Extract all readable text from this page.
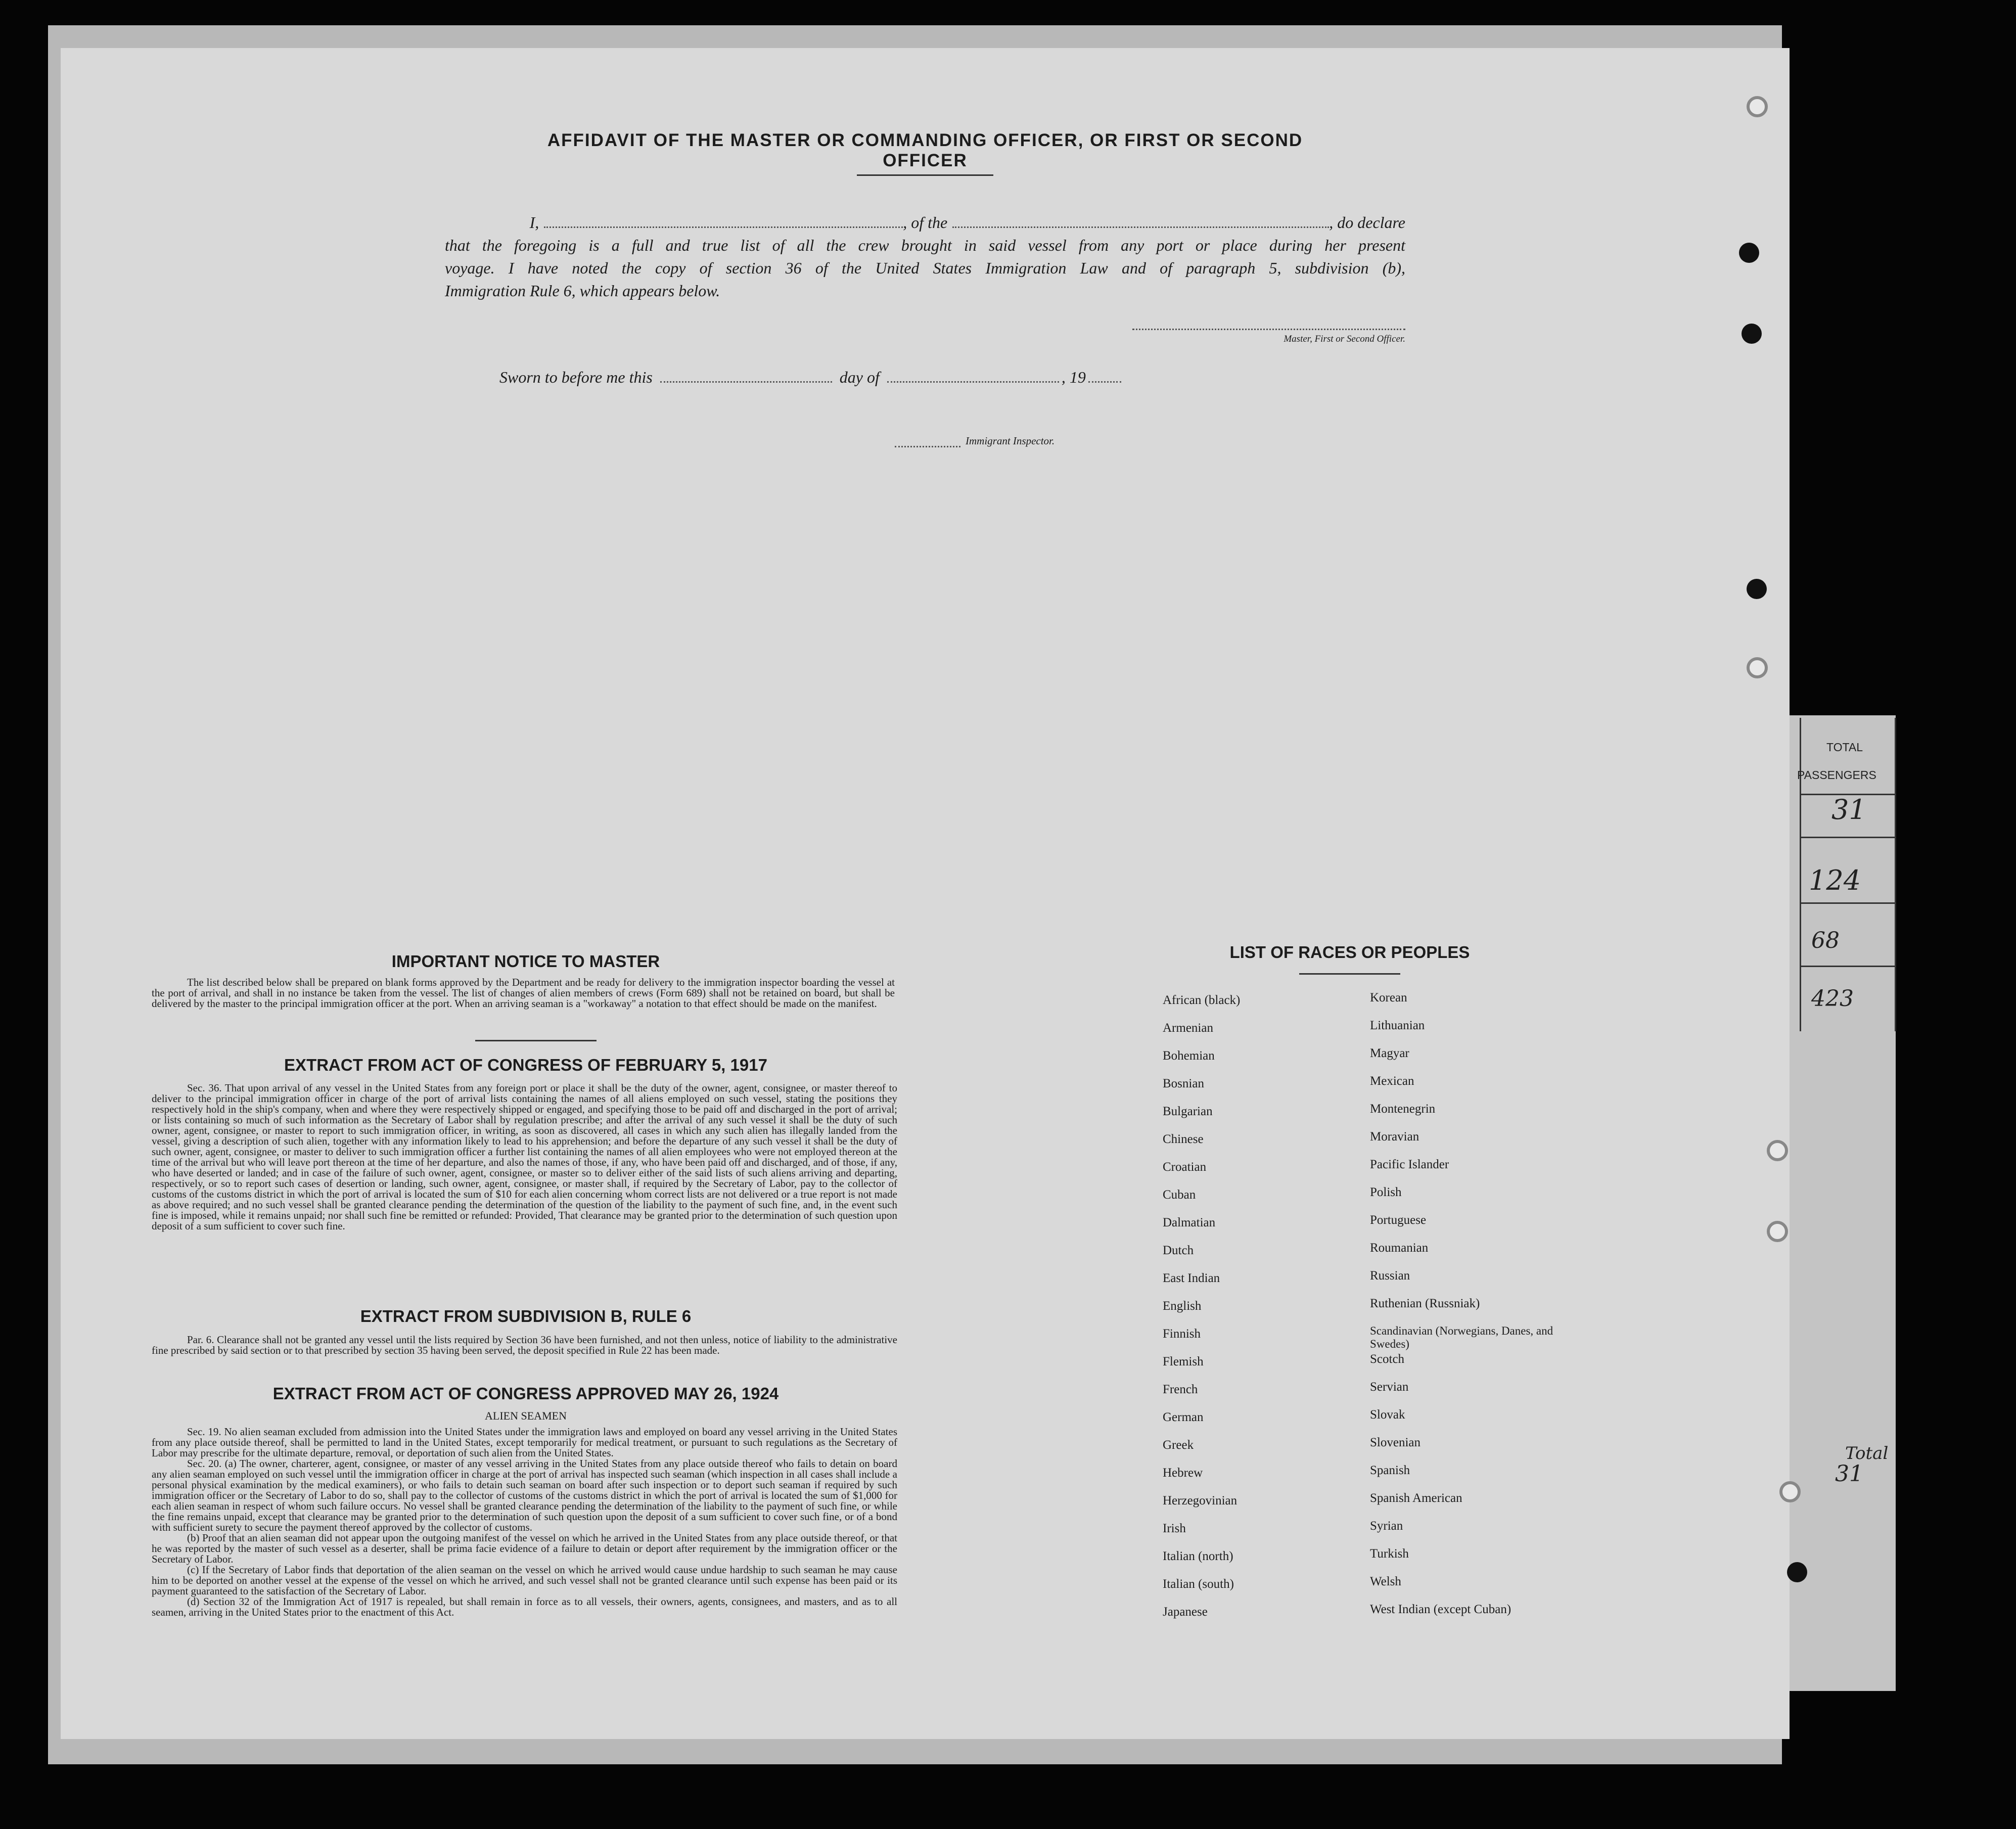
TOTAL
PASSENGERS
31
124
68
423
Total
31
AFFIDAVIT OF THE MASTER OR COMMANDING OFFICER, OR FIRST OR SECOND OFFICER
I,	, of the	, do declare
that the foregoing is a full and true list of all the crew brought in said vessel from any port or place during her present
voyage. I have noted the copy of section 36 of the United States Immigration Law and of paragraph 5, subdivision (b),
Immigration Rule 6, which appears below.
Master, First or Second Officer.
Sworn to before me this	day of	, 19
Immigrant Inspector.
IMPORTANT NOTICE TO MASTER
The list described below shall be prepared on blank forms approved by the Department and be ready for delivery to the immigration inspector boarding the vessel at the port of arrival, and shall in no instance be taken from the vessel. The list of changes of alien members of crews (Form 689) shall not be retained on board, but shall be delivered by the master to the principal immigration officer at the port. When an arriving seaman is a "workaway" a notation to that effect should be made on the manifest.
EXTRACT FROM ACT OF CONGRESS OF FEBRUARY 5, 1917
Sec. 36. That upon arrival of any vessel in the United States from any foreign port or place it shall be the duty of the owner, agent, consignee, or master thereof to deliver to the principal immigration officer in charge of the port of arrival lists containing the names of all aliens employed on such vessel, stating the positions they respectively hold in the ship's company, when and where they were respectively shipped or engaged, and specifying those to be paid off and discharged in the port of arrival; or lists containing so much of such information as the Secretary of Labor shall by regulation prescribe; and after the arrival of any such vessel it shall be the duty of such owner, agent, consignee, or master to report to such immigration officer, in writing, as soon as discovered, all cases in which any such alien has illegally landed from the vessel, giving a description of such alien, together with any information likely to lead to his apprehension; and before the departure of any such vessel it shall be the duty of such owner, agent, consignee, or master to deliver to such immigration officer a further list containing the names of all alien employees who were not employed thereon at the time of the arrival but who will leave port thereon at the time of her departure, and also the names of those, if any, who have been paid off and discharged, and of those, if any, who have deserted or landed; and in case of the failure of such owner, agent, consignee, or master so to deliver either of the said lists of such aliens arriving and departing, respectively, or so to report such cases of desertion or landing, such owner, agent, consignee, or master shall, if required by the Secretary of Labor, pay to the collector of customs of the customs district in which the port of arrival is located the sum of $10 for each alien concerning whom correct lists are not delivered or a true report is not made as above required; and no such vessel shall be granted clearance pending the determination of the question of the liability to the payment of such fine, and, in the event such fine is imposed, while it remains unpaid; nor shall such fine be remitted or refunded: Provided, That clearance may be granted prior to the determination of such question upon deposit of a sum sufficient to cover such fine.
EXTRACT FROM SUBDIVISION B, RULE 6
Par. 6. Clearance shall not be granted any vessel until the lists required by Section 36 have been furnished, and not then unless, notice of liability to the administrative fine prescribed by said section or to that prescribed by section 35 having been served, the deposit specified in Rule 22 has been made.
EXTRACT FROM ACT OF CONGRESS APPROVED MAY 26, 1924
ALIEN SEAMEN
Sec. 19. No alien seaman excluded from admission into the United States under the immigration laws and employed on board any vessel arriving in the United States from any place outside thereof, shall be permitted to land in the United States, except temporarily for medical treatment, or pursuant to such regulations as the Secretary of Labor may prescribe for the ultimate departure, removal, or deportation of such alien from the United States.
Sec. 20. (a) The owner, charterer, agent, consignee, or master of any vessel arriving in the United States from any place outside thereof who fails to detain on board any alien seaman employed on such vessel until the immigration officer in charge at the port of arrival has inspected such seaman (which inspection in all cases shall include a personal physical examination by the medical examiners), or who fails to detain such seaman on board after such inspection or to deport such seaman if required by such immigration officer or the Secretary of Labor to do so, shall pay to the collector of customs of the customs district in which the port of arrival is located the sum of $1,000 for each alien seaman in respect of whom such failure occurs. No vessel shall be granted clearance pending the determination of the liability to the payment of such fine, or while the fine remains unpaid, except that clearance may be granted prior to the determination of such question upon the deposit of a sum sufficient to cover such fine, or of a bond with sufficient surety to secure the payment thereof approved by the collector of customs.
(b) Proof that an alien seaman did not appear upon the outgoing manifest of the vessel on which he arrived in the United States from any place outside thereof, or that he was reported by the master of such vessel as a deserter, shall be prima facie evidence of a failure to detain or deport after requirement by the immigration officer or the Secretary of Labor.
(c) If the Secretary of Labor finds that deportation of the alien seaman on the vessel on which he arrived would cause undue hardship to such seaman he may cause him to be deported on another vessel at the expense of the vessel on which he arrived, and such vessel shall not be granted clearance until such expense has been paid or its payment guaranteed to the satisfaction of the Secretary of Labor.
(d) Section 32 of the Immigration Act of 1917 is repealed, but shall remain in force as to all vessels, their owners, agents, consignees, and masters, and as to all seamen, arriving in the United States prior to the enactment of this Act.
LIST OF RACES OR PEOPLES
African (black)
Armenian
Bohemian
Bosnian
Bulgarian
Chinese
Croatian
Cuban
Dalmatian
Dutch
East Indian
English
Finnish
Flemish
French
German
Greek
Hebrew
Herzegovinian
Irish
Italian (north)
Italian (south)
Japanese
Korean
Lithuanian
Magyar
Mexican
Montenegrin
Moravian
Pacific Islander
Polish
Portuguese
Roumanian
Russian
Ruthenian (Russniak)
Scandinavian (Norwegians, Danes, and Swedes)
Scotch
Servian
Slovak
Slovenian
Spanish
Spanish American
Syrian
Turkish
Welsh
West Indian (except Cuban)
